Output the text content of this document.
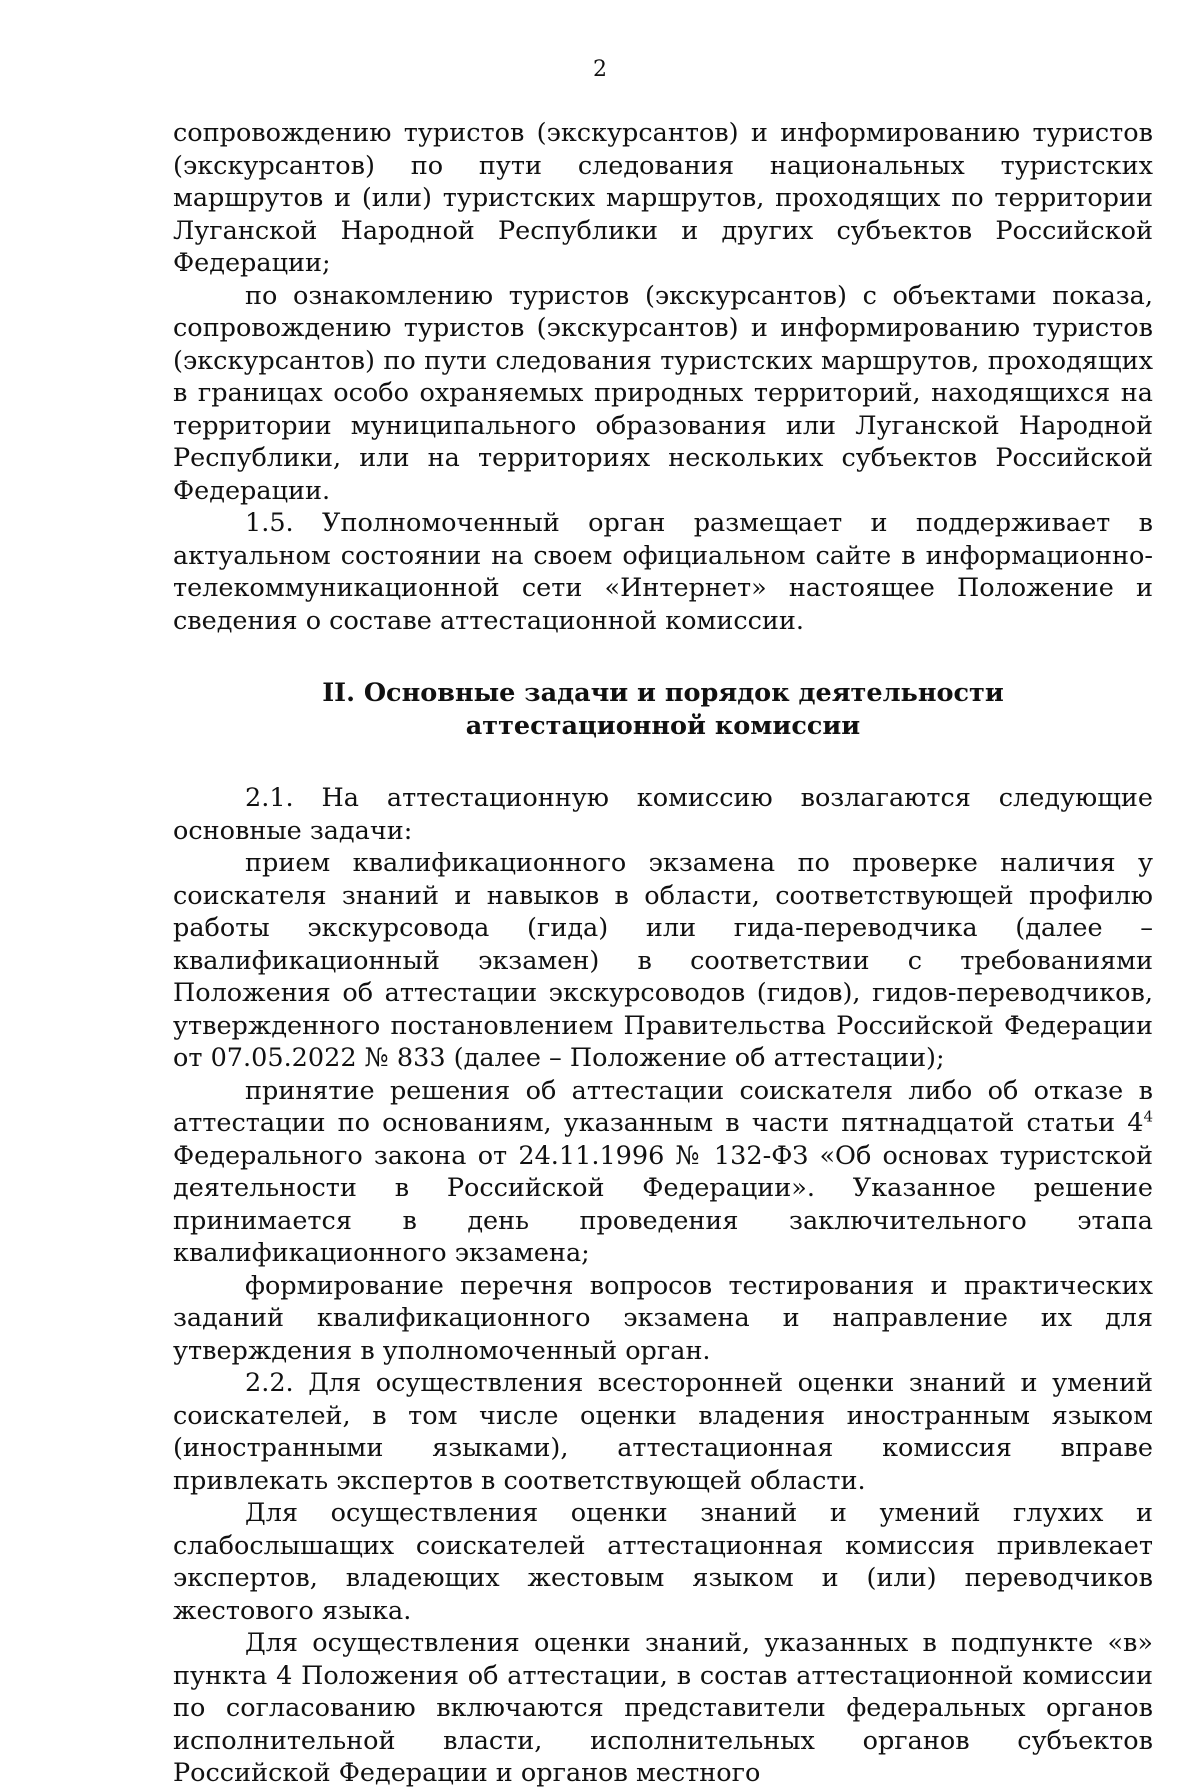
2

сопровождению туристов (экскурсантов) и информированию туристов (экскурсантов) по пути следования национальных туристских маршрутов и (или) туристских маршрутов, проходящих по территории Луганской Народной Республики и других субъектов Российской Федерации;

по ознакомлению туристов (экскурсантов) с объектами показа, сопровождению туристов (экскурсантов) и информированию туристов (экскурсантов) по пути следования туристских маршрутов, проходящих в границах особо охраняемых природных территорий, находящихся на территории муниципального образования или Луганской Народной Республики, или на территориях нескольких субъектов Российской Федерации.

1.5. Уполномоченный орган размещает и поддерживает в актуальном состоянии на своем официальном сайте в информационно-телекоммуникационной сети «Интернет» настоящее Положение и сведения о составе аттестационной комиссии.

II. Основные задачи и порядок деятельности
аттестационной комиссии

2.1. На аттестационную комиссию возлагаются следующие основные задачи:

прием квалификационного экзамена по проверке наличия у соискателя знаний и навыков в области, соответствующей профилю работы экскурсовода (гида) или гида-переводчика (далее – квалификационный экзамен) в соответствии с требованиями Положения об аттестации экскурсоводов (гидов), гидов-переводчиков, утвержденного постановлением Правительства Российской Федерации от 07.05.2022 № 833 (далее – Положение об аттестации);

принятие решения об аттестации соискателя либо об отказе в аттестации по основаниям, указанным в части пятнадцатой статьи $4^4$ Федерального закона от 24.11.1996 № 132-ФЗ «Об основах туристской деятельности в Российской Федерации». Указанное решение принимается в день проведения заключительного этапа квалификационного экзамена;

формирование перечня вопросов тестирования и практических заданий квалификационного экзамена и направление их для утверждения в уполномоченный орган.

2.2. Для осуществления всесторонней оценки знаний и умений соискателей, в том числе оценки владения иностранным языком (иностранными языками), аттестационная комиссия вправе привлекать экспертов в соответствующей области.

Для осуществления оценки знаний и умений глухих и слабослышащих соискателей аттестационная комиссия привлекает экспертов, владеющих жестовым языком и (или) переводчиков жестового языка.

Для осуществления оценки знаний, указанных в подпункте «в» пункта 4 Положения об аттестации, в состав аттестационной комиссии по согласованию включаются представители федеральных органов исполнительной власти, исполнительных органов субъектов Российской Федерации и органов местного
